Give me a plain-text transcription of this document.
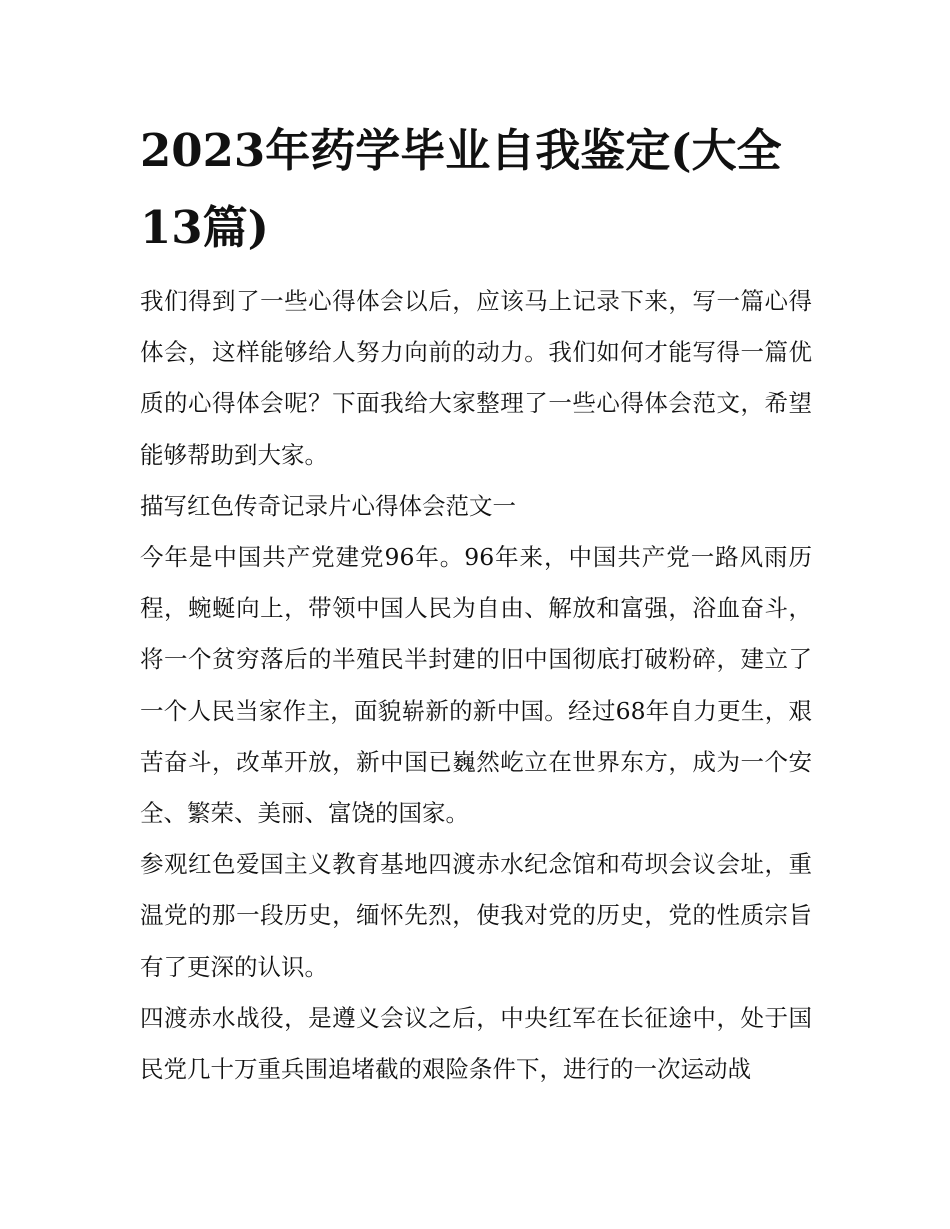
2023年药学毕业自我鉴定(大全13篇)

我们得到了一些心得体会以后，应该马上记录下来，写一篇心得体会，这样能够给人努力向前的动力。我们如何才能写得一篇优质的心得体会呢？下面我给大家整理了一些心得体会范文，希望能够帮助到大家。

描写红色传奇记录片心得体会范文一

今年是中国共产党建党96年。96年来，中国共产党一路风雨历程，蜿蜒向上，带领中国人民为自由、解放和富强，浴血奋斗，将一个贫穷落后的半殖民半封建的旧中国彻底打破粉碎，建立了一个人民当家作主，面貌崭新的新中国。经过68年自力更生，艰苦奋斗，改革开放，新中国已巍然屹立在世界东方，成为一个安全、繁荣、美丽、富饶的国家。

参观红色爱国主义教育基地四渡赤水纪念馆和苟坝会议会址，重温党的那一段历史，缅怀先烈，使我对党的历史，党的性质宗旨有了更深的认识。

四渡赤水战役，是遵义会议之后，中央红军在长征途中，处于国民党几十万重兵围追堵截的艰险条件下，进行的一次运动战
